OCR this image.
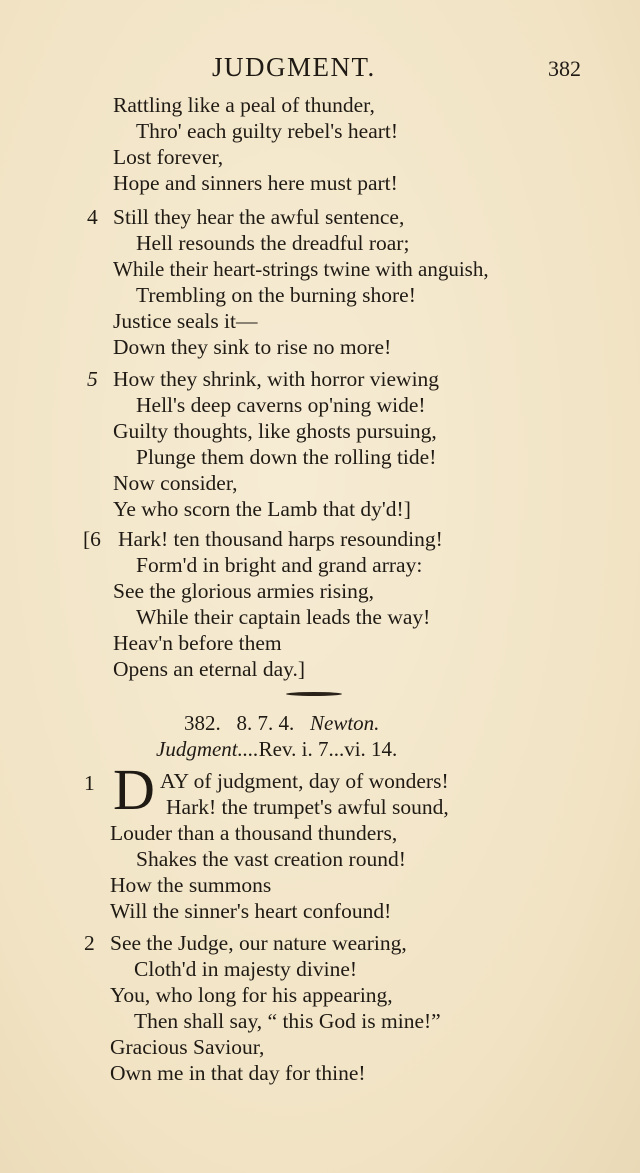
JUDGMENT.	382
Rattling like a peal of thunder,
Thro' each guilty rebel's heart!
Lost forever,
Hope and sinners here must part!
4 Still they hear the awful sentence,
Hell resounds the dreadful roar;
While their heart-strings twine with anguish,
Trembling on the burning shore!
Justice seals it—
Down they sink to rise no more!
5 How they shrink, with horror viewing
Hell's deep caverns op'ning wide!
Guilty thoughts, like ghosts pursuing,
Plunge them down the rolling tide!
Now consider,
Ye who scorn the Lamb that dy'd!]
[6 Hark! ten thousand harps resounding!
Form'd in bright and grand array:
See the glorious armies rising,
While their captain leads the way!
Heav'n before them
Opens an eternal day.]
382. 8. 7. 4. Newton.
Judgment....Rev. i. 7...vi. 14.
1 D AY of judgment, day of wonders!
Hark! the trumpet's awful sound,
Louder than a thousand thunders,
Shakes the vast creation round!
How the summons
Will the sinner's heart confound!
2 See the Judge, our nature wearing,
Cloth'd in majesty divine!
You, who long for his appearing,
Then shall say, “ this God is mine!”
Gracious Saviour,
Own me in that day for thine!
